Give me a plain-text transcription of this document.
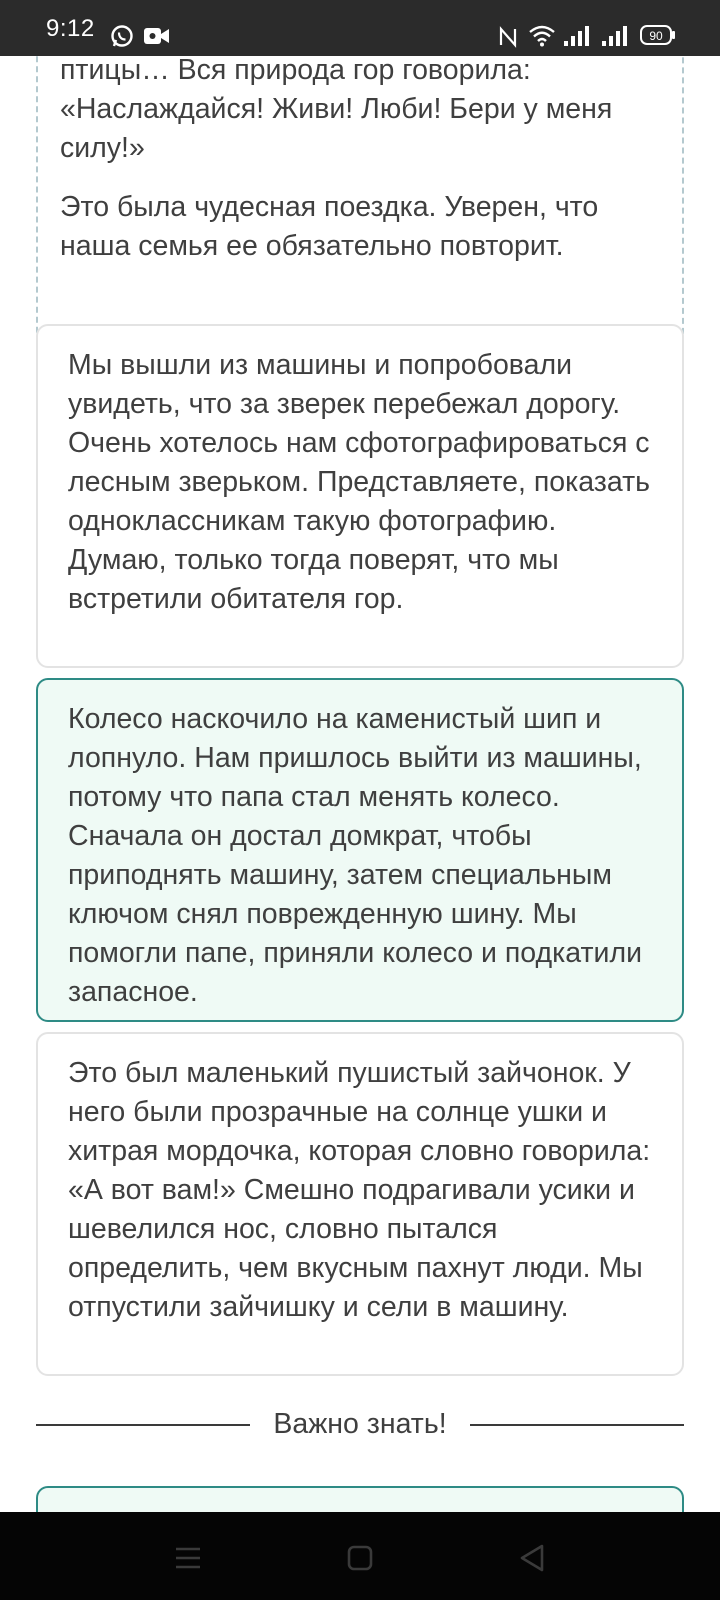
9:12	90

птицы… Вся природа гор говорила: «Наслаждайся! Живи! Люби! Бери у меня силу!»

Это была чудесная поездка. Уверен, что наша семья ее обязательно повторит.

Мы вышли из машины и попробовали увидеть, что за зверек перебежал дорогу. Очень хотелось нам сфотографироваться с лесным зверьком. Представляете, показать одноклассникам такую фотографию. Думаю, только тогда поверят, что мы встретили обитателя гор.

Колесо наскочило на каменистый шип и лопнуло. Нам пришлось выйти из машины, потому что папа стал менять колесо. Сначала он достал домкрат, чтобы приподнять машину, затем специальным ключом снял поврежденную шину. Мы помогли папе, приняли колесо и подкатили запасное.

Это был маленький пушистый зайчонок. У него были прозрачные на солнце ушки и хитрая мордочка, которая словно говорила: «А вот вам!» Смешно подрагивали усики и шевелился нос, словно пытался определить, чем вкусным пахнут люди. Мы отпустили зайчишку и сели в машину.

Важно знать!
